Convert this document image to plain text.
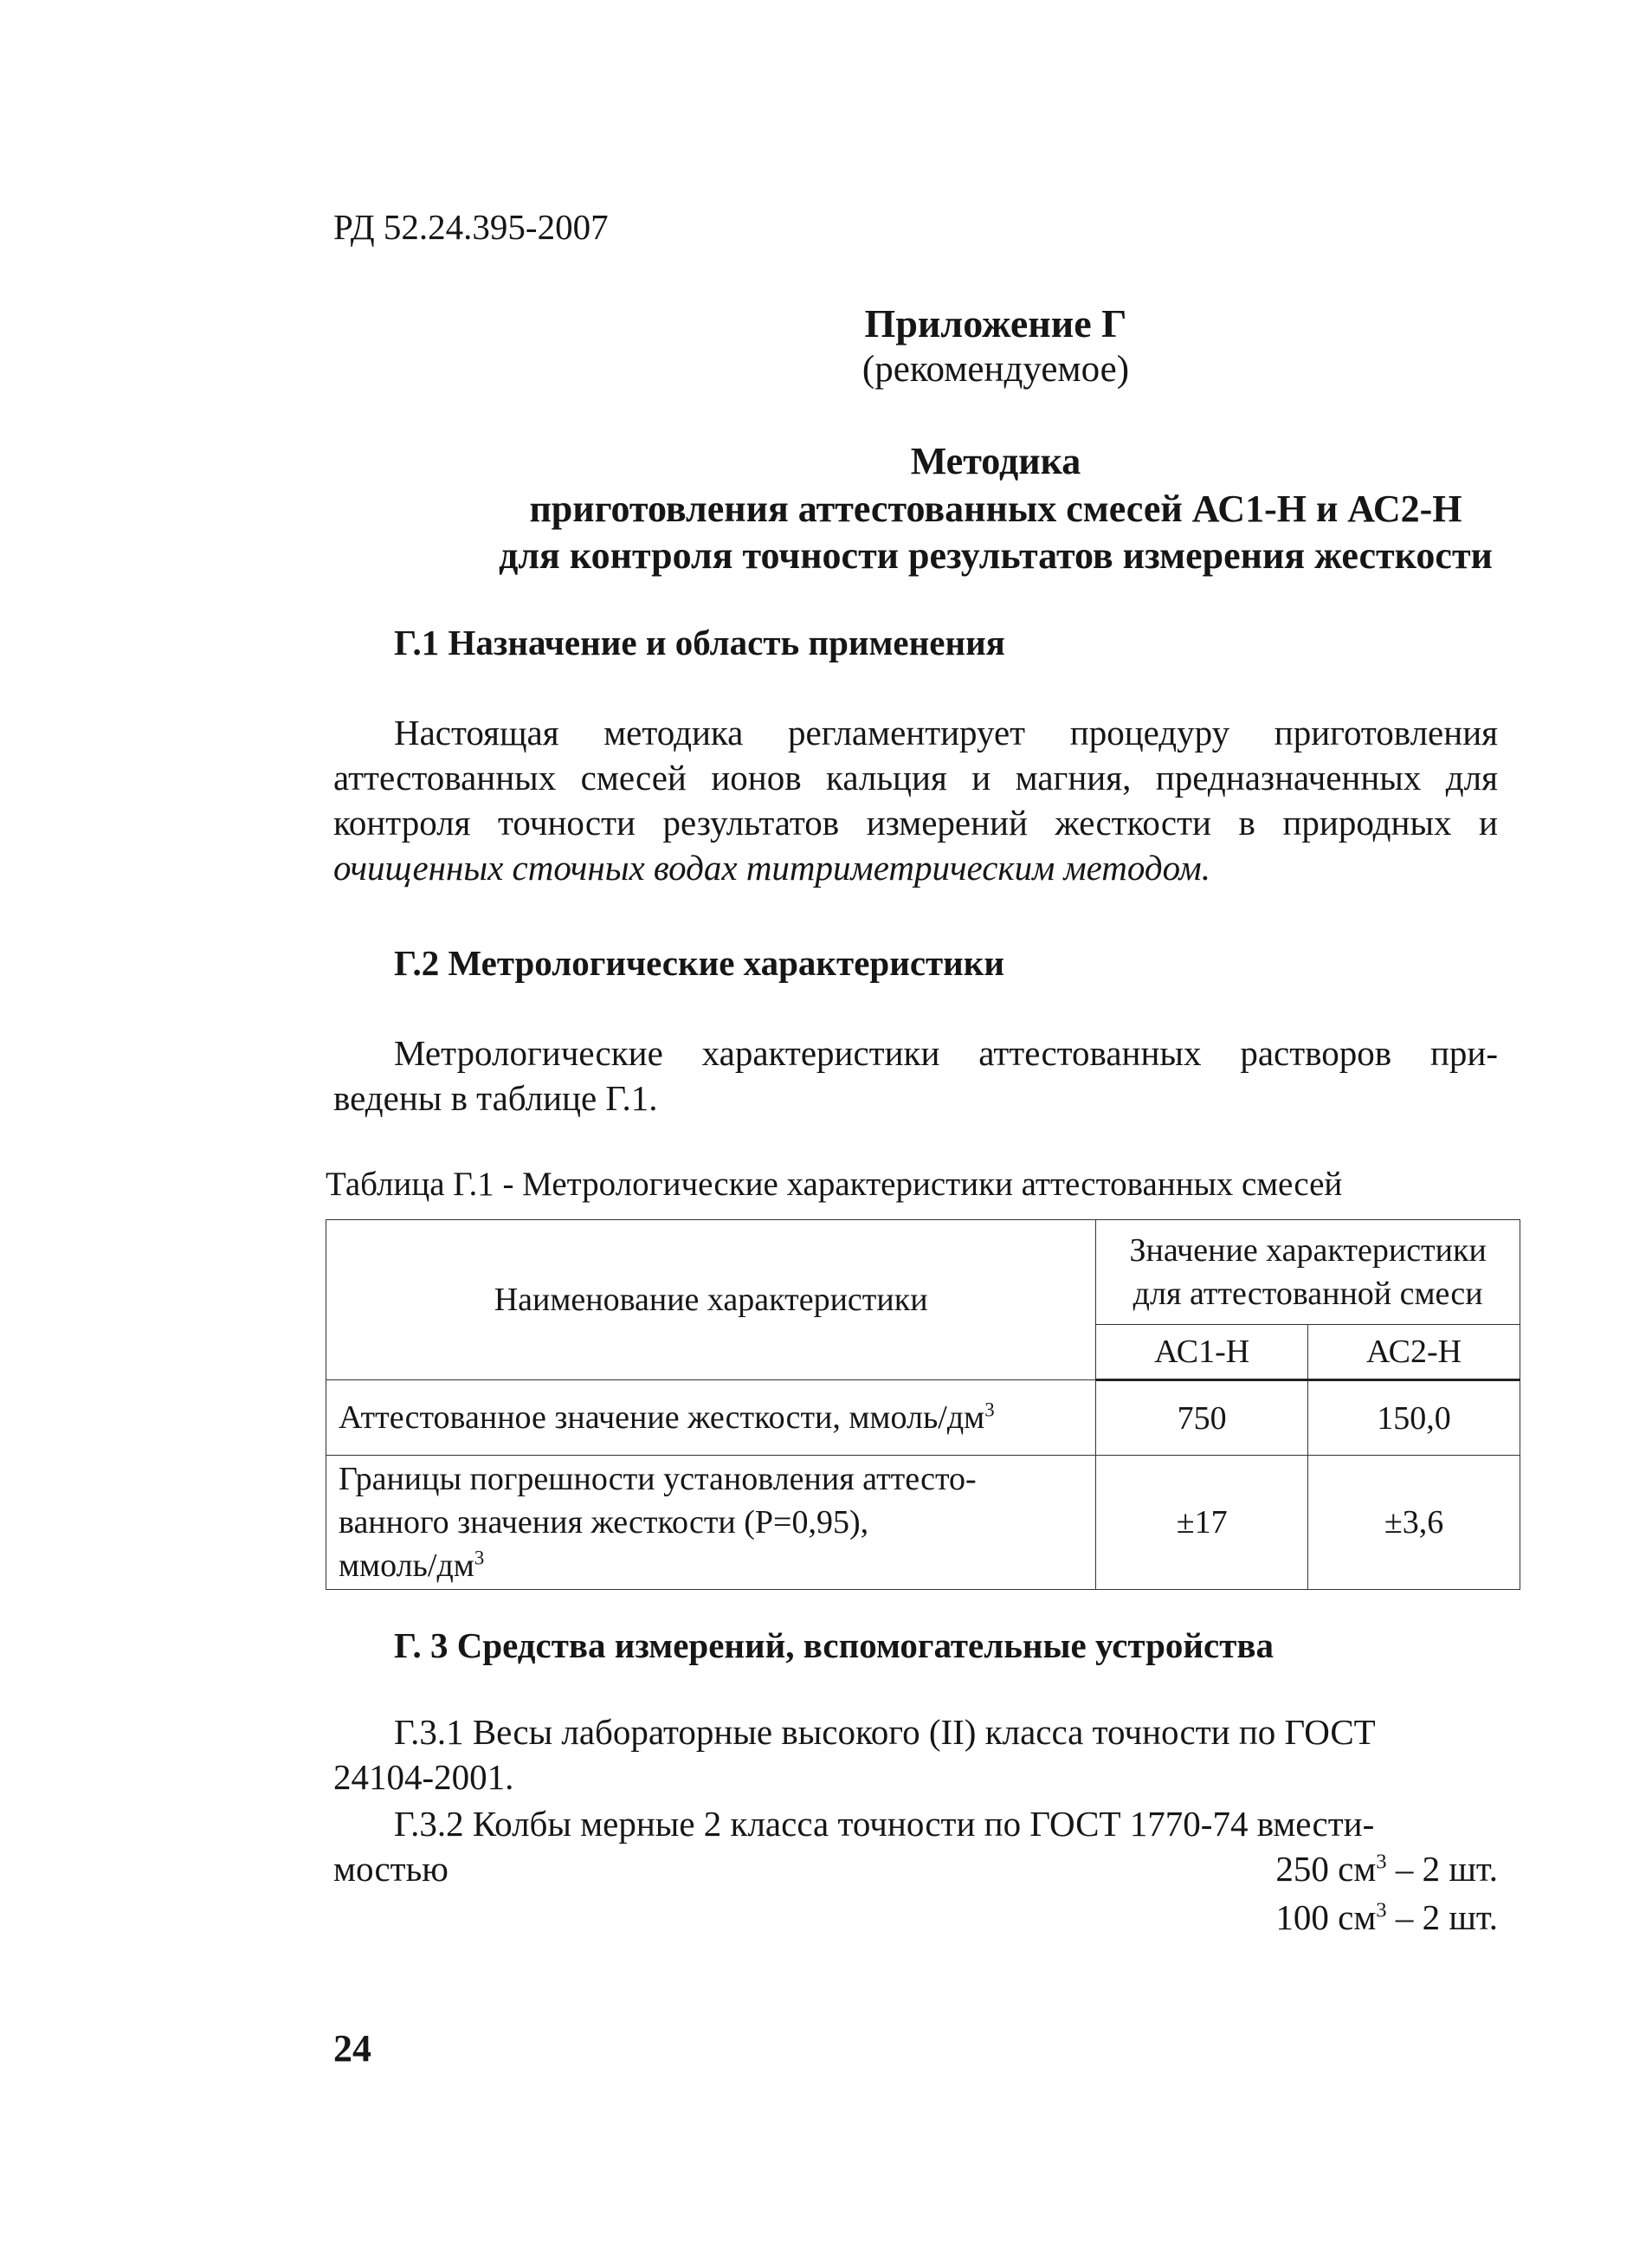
РД 52.24.395-2007
Приложение Г
(рекомендуемое)
Методика
приготовления аттестованных смесей АС1-Н и АС2-Н
для контроля точности результатов измерения жесткости
Г.1 Назначение и область применения
Настоящая методика регламентирует процедуру приготовления
аттестованных смесей ионов кальция и магния, предназначенных для
контроля точности результатов измерений жесткости в природных и
очищенных сточных водах титриметрическим методом.
Г.2 Метрологические характеристики
Метрологические характеристики аттестованных растворов при-
ведены в таблице Г.1.
Таблица Г.1 - Метрологические характеристики аттестованных смесей
Наименование характеристики	Значение характеристики
для аттестованной смеси	

	АС1-Н	АС2-Н
Аттестованное значение жесткости, ммоль/$дм^3$	750	150,0

Границы погрешности установления аттесто-
ванного значения жесткости (Р=0,95),
ммоль/$дм^3$	±17	±3,6
Г. 3 Средства измерений, вспомогательные устройства
Г.3.1 Весы лабораторные высокого (II) класса точности по ГОСТ
24104-2001.
Г.3.2 Колбы мерные 2 класса точности по ГОСТ 1770-74 вмести-
мостью	250 $см^3 - 2$ шт.
100 $см^3 - 2$ шт.
24
